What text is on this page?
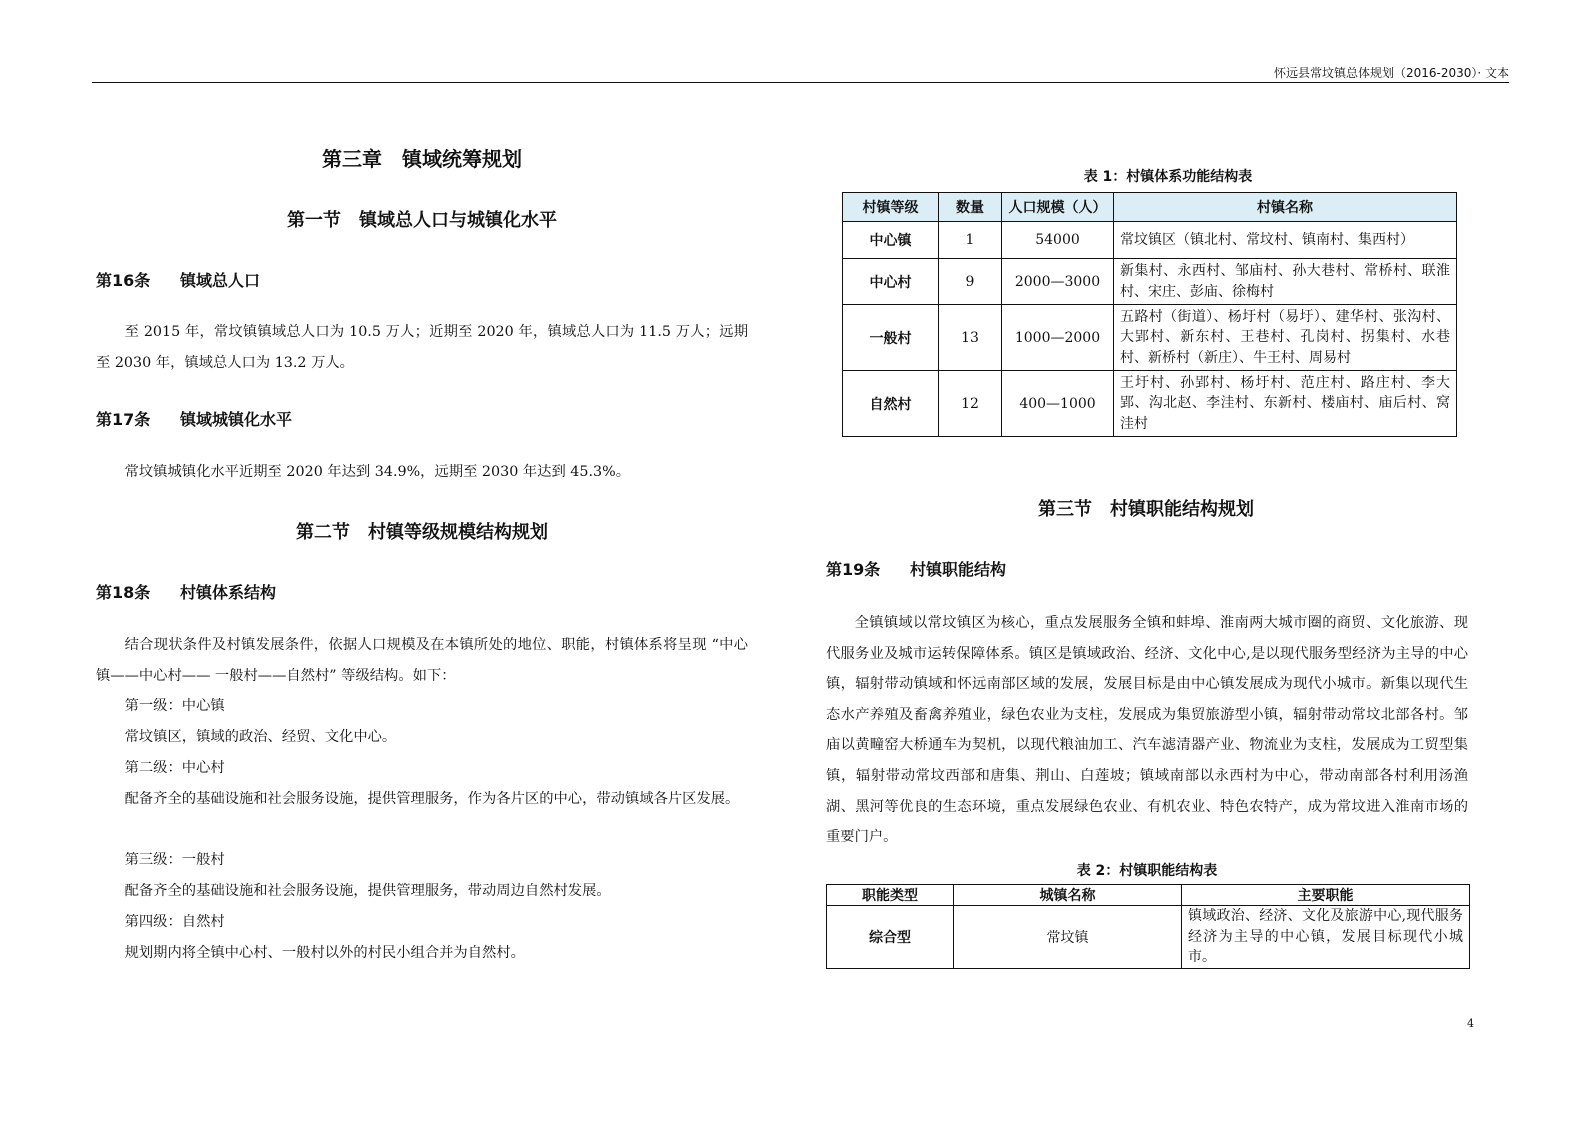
怀远县常坟镇总体规划（2016-2030）· 文本
第三章　镇域统筹规划
第一节　镇域总人口与城镇化水平
第16条 镇域总人口
至 2015 年，常坟镇镇域总人口为 10.5 万人；近期至 2020 年，镇域总人口为 11.5 万人；远期至 2030 年，镇域总人口为 13.2 万人。
第17条 镇域城镇化水平
常坟镇城镇化水平近期至 2020 年达到 34.9%，远期至 2030 年达到 45.3%。
第二节　村镇等级规模结构规划
第18条 村镇体系结构
结合现状条件及村镇发展条件，依据人口规模及在本镇所处的地位、职能，村镇体系将呈现 “中心镇——中心村—— 一般村——自然村” 等级结构。如下：
第一级：中心镇
常坟镇区，镇域的政治、经贸、文化中心。
第二级：中心村
配备齐全的基础设施和社会服务设施，提供管理服务，作为各片区的中心，带动镇域各片区发展。
第三级：一般村
配备齐全的基础设施和社会服务设施，提供管理服务，带动周边自然村发展。
第四级：自然村
规划期内将全镇中心村、一般村以外的村民小组合并为自然村。
表 1：村镇体系功能结构表
村镇等级	数量	人口规模（人）	村镇名称
中心镇	1	54000	常坟镇区（镇北村、常坟村、镇南村、集西村）
中心村	9	2000—3000	新集村、永西村、邹庙村、孙大巷村、常桥村、联淮村、宋庄、彭庙、徐梅村
一般村	13	1000—2000	五路村（街道）、杨圩村（易圩）、建华村、张沟村、大郢村、新东村、王巷村、孔岗村、拐集村、水巷村、新桥村（新庄）、牛王村、周易村
自然村	12	400—1000	王圩村、孙郢村、杨圩村、范庄村、路庄村、李大郢、沟北赵、李洼村、东新村、楼庙村、庙后村、窝洼村
第三节　村镇职能结构规划
第19条 村镇职能结构
全镇镇域以常坟镇区为核心，重点发展服务全镇和蚌埠、淮南两大城市圈的商贸、文化旅游、现代服务业及城市运转保障体系。镇区是镇域政治、经济、文化中心,是以现代服务型经济为主导的中心镇，辐射带动镇域和怀远南部区域的发展，发展目标是由中心镇发展成为现代小城市。新集以现代生态水产养殖及畜禽养殖业，绿色农业为支柱，发展成为集贸旅游型小镇，辐射带动常坟北部各村。邹庙以黄疃窑大桥通车为契机，以现代粮油加工、汽车滤清器产业、物流业为支柱，发展成为工贸型集镇，辐射带动常坟西部和唐集、荆山、白莲坡；镇域南部以永西村为中心，带动南部各村利用汤渔湖、黑河等优良的生态环境，重点发展绿色农业、有机农业、特色农特产，成为常坟进入淮南市场的重要门户。
表 2：村镇职能结构表
职能类型	城镇名称	主要职能
综合型	常坟镇	镇域政治、经济、文化及旅游中心,现代服务经济为主导的中心镇，发展目标现代小城市。
4
